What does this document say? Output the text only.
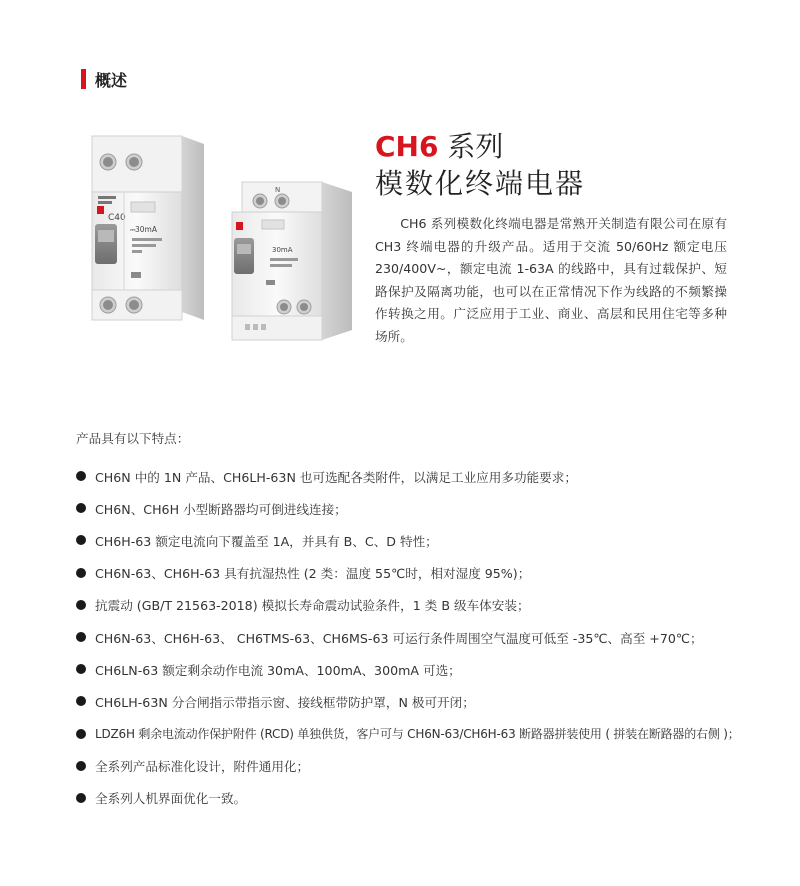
概述
C40
⎓ 30mA
N
30mA
CH6 系列
模数化终端电器
CH6 系列模数化终端电器是常熟开关制造有限公司在原有 CH3 终端电器的升级产品。适用于交流 50/60Hz 额定电压 230/400V~，额定电流 1-63A 的线路中，具有过载保护、短路保护及隔离功能，也可以在正常情况下作为线路的不频繁操作转换之用。广泛应用于工业、商业、高层和民用住宅等多种场所。
产品具有以下特点：
CH6N 中的 1N 产品、CH6LH-63N 也可选配各类附件，以满足工业应用多功能要求；
CH6N、CH6H 小型断路器均可倒进线连接；
CH6H-63 额定电流向下覆盖至 1A，并具有 B、C、D 特性；
CH6N-63、CH6H-63 具有抗湿热性 (2 类：温度 55℃时，相对湿度 95%)；
抗震动 (GB/T 21563-2018) 模拟长寿命震动试验条件，1 类 B 级车体安装；
CH6N-63、CH6H-63、 CH6TMS-63、CH6MS-63 可运行条件周围空气温度可低至 -35℃、高至 +70℃；
CH6LN-63 额定剩余动作电流 30mA、100mA、300mA 可选；
CH6LH-63N 分合闸指示带指示窗、接线框带防护罩，N 极可开闭；
LDZ6H 剩余电流动作保护附件 (RCD) 单独供货，客户可与 CH6N-63/CH6H-63 断路器拼装使用 ( 拼装在断路器的右侧 )；
全系列产品标准化设计，附件通用化；
全系列人机界面优化一致。
